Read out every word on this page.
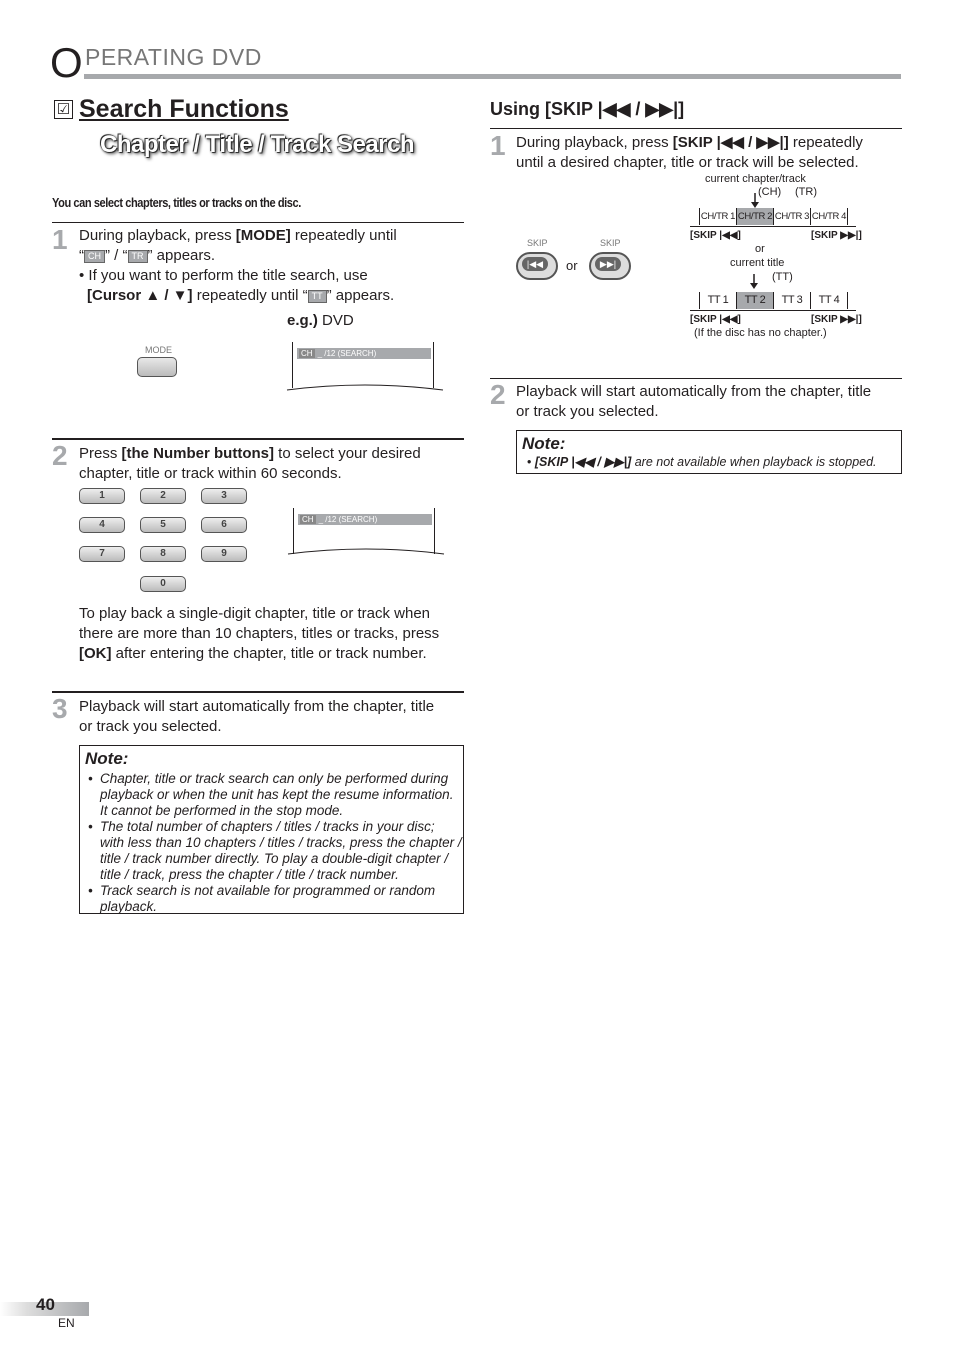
O PERATING DVD
☑ Search Functions
Chapter / Title / Track Search
You can select chapters, titles or tracks on the disc.
1 During playback, press [MODE] repeatedly until
“ CH ” / “ TR ” appears.
• If you want to perform the title search, use
[Cursor ▲ / ▼] repeatedly until “ TT ” appears.
e.g.) DVD
MODE	CH _ /12 (SEARCH)
2 Press [the Number buttons] to select your desired
chapter, title or track within 60 seconds.
1	2	3
4	5	6
7	8	9
0
CH _ /12 (SEARCH)
To play back a single-digit chapter, title or track when
there are more than 10 chapters, titles or tracks, press
[OK] after entering the chapter, title or track number.
3 Playback will start automatically from the chapter, title
or track you selected.
Note:
• Chapter, title or track search can only be performed during
playback or when the unit has kept the resume information.
It cannot be performed in the stop mode.
• The total number of chapters / titles / tracks in your disc;
with less than 10 chapters / titles / tracks, press the chapter /
title / track number directly. To play a double-digit chapter /
title / track, press the chapter / title / track number.
• Track search is not available for programmed or random
playback.
Using [SKIP |◀◀ / ▶▶|]
1 During playback, press [SKIP |◀◀ / ▶▶|] repeatedly
until a desired chapter, title or track will be selected.
SKIP	SKIP
|◀◀	or	▶▶|
current chapter/track
(CH) (TR)
CH/TR 1 CH/TR 2 CH/TR 3 CH/TR 4
[SKIP |◀◀]	[SKIP ▶▶|]
or
current title
(TT)
TT 1	TT 2	TT 3	TT 4
[SKIP |◀◀]	[SKIP ▶▶|]
(If the disc has no chapter.)
2 Playback will start automatically from the chapter, title
or track you selected.
Note:
• [SKIP |◀◀ / ▶▶|] are not available when playback is stopped.
40
EN
